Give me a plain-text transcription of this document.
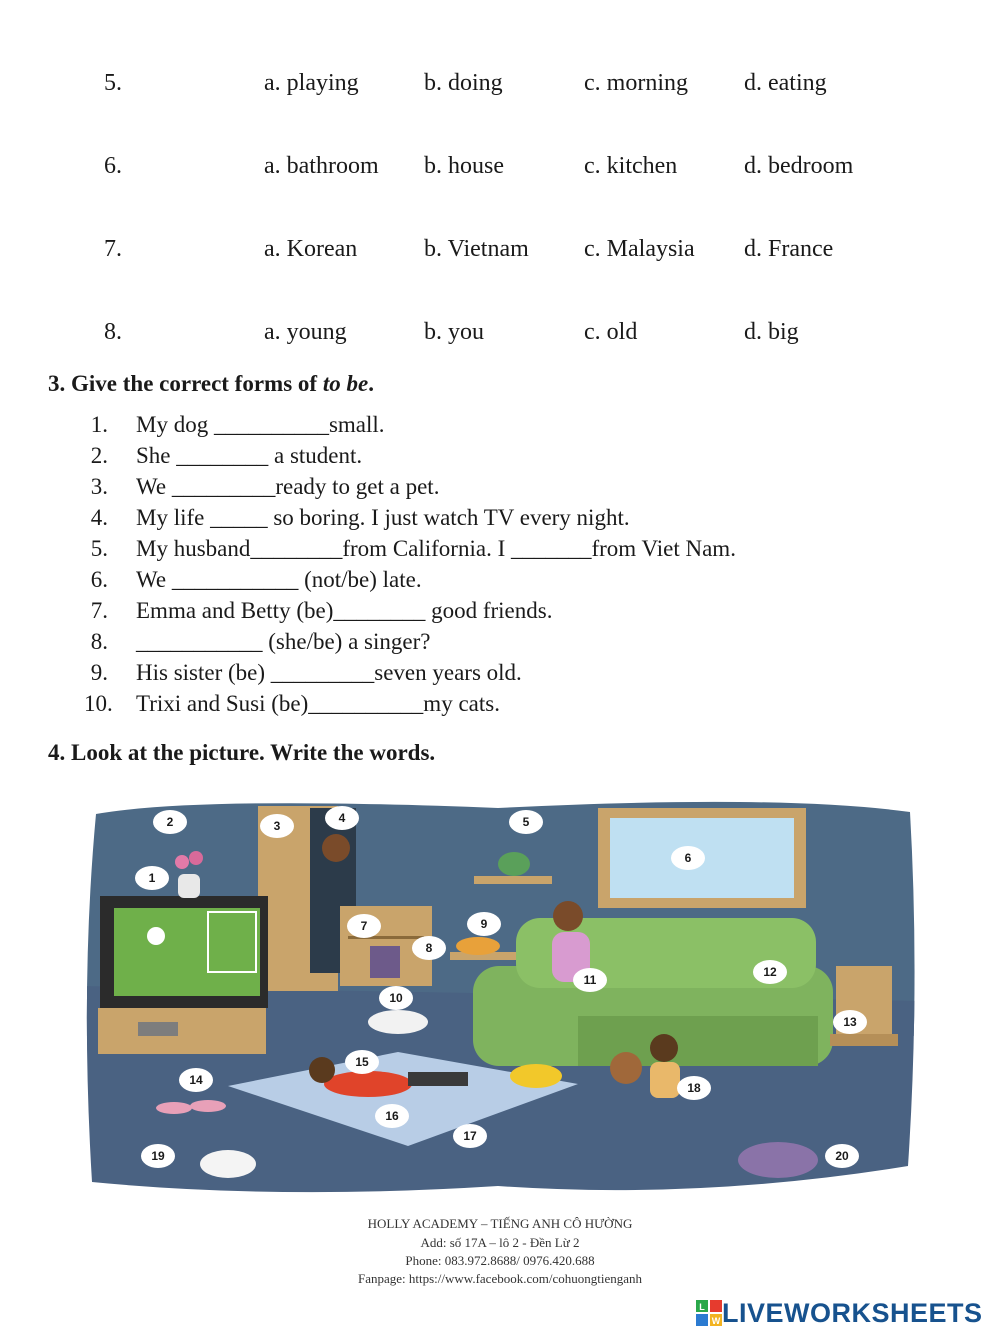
5.	a. playing	b. doing	c. morning d. eating
6.	a. bathroom b. house	c. kitchen	d. bedroom
7.	a. Korean	b. Vietnam c. Malaysia d. France
8.	a. young	b. you	c. old	d. big
3. Give the correct forms of to be.
1. My dog __________small.
2. She ________ a student.
3. We _________ready to get a pet.
4. My life _____ so boring. I just watch TV every night.
5. My husband________from California. I _______from Viet Nam.
6. We ___________ (not/be) late.
7. Emma and Betty (be)________ good friends.
8. ___________ (she/be) a singer?
9. His sister (be) _________seven years old.
10. Trixi and Susi (be)__________my cats.
4. Look at the picture. Write the words.
1
2	3
4	5
6
7
8
9
10
11
12
13
14
15
16
17
18
19	20
HOLLY ACADEMY – TIẾNG ANH CÔ HƯỜNG
Add: số 17A – lô 2 - Đền Lừ 2
Phone: 083.972.8688/ 0976.420.688
Fanpage: https://www.facebook.com/cohuongtienganh
L
W LIVEWORKSHEETS
